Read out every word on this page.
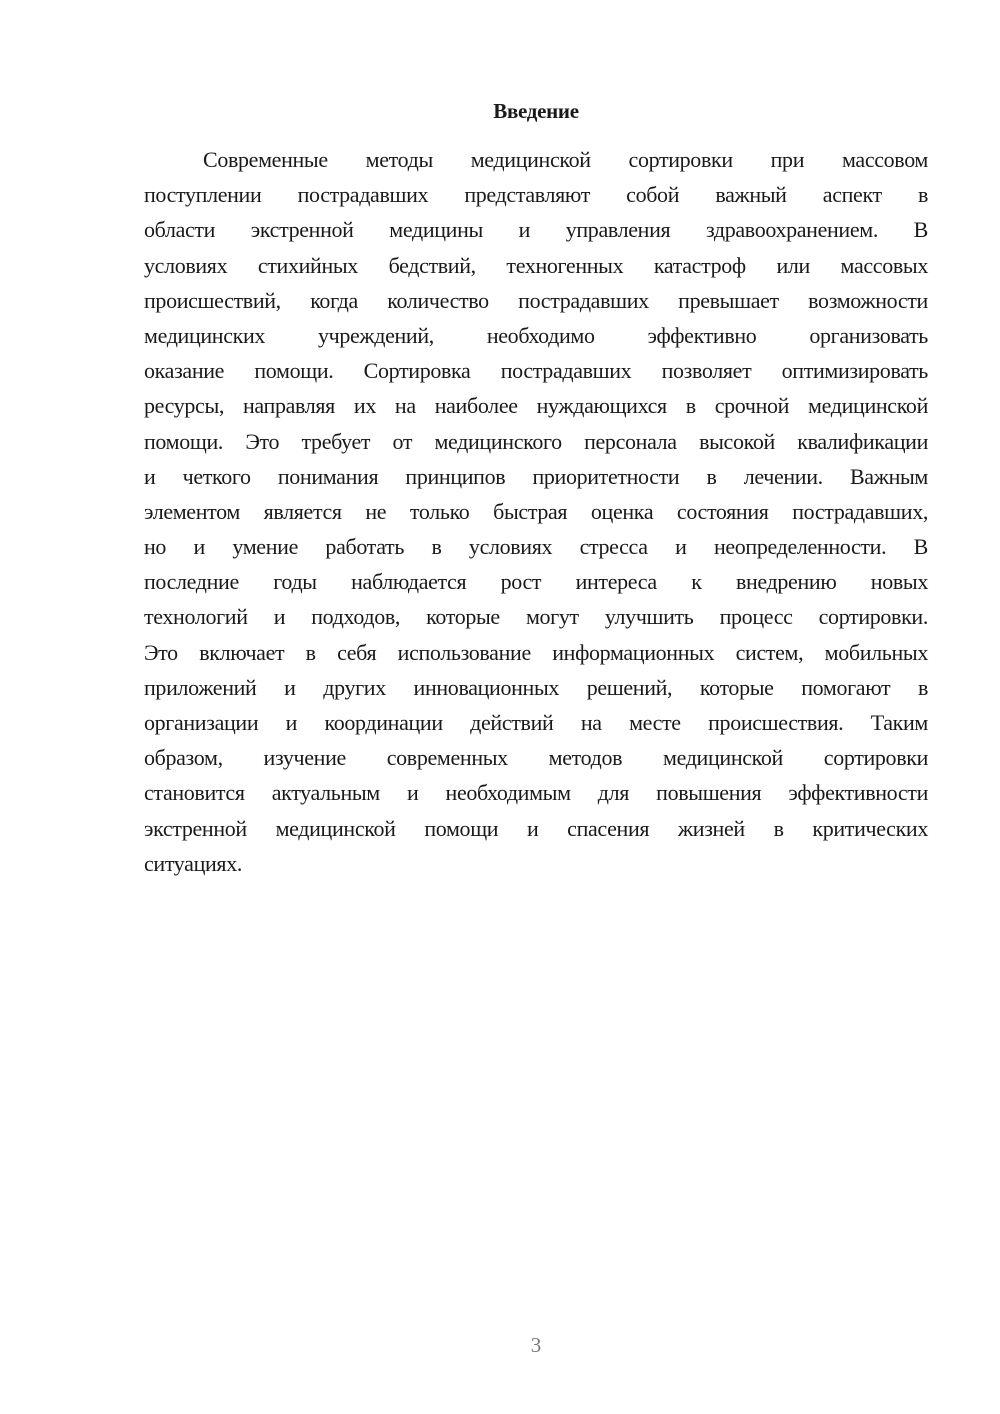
Введение
Современные методы медицинской сортировки при массовом
поступлении пострадавших представляют собой важный аспект в
области экстренной медицины и управления здравоохранением. В
условиях стихийных бедствий, техногенных катастроф или массовых
происшествий, когда количество пострадавших превышает возможности
медицинских учреждений, необходимо эффективно организовать
оказание помощи. Сортировка пострадавших позволяет оптимизировать
ресурсы, направляя их на наиболее нуждающихся в срочной медицинской
помощи. Это требует от медицинского персонала высокой квалификации
и четкого понимания принципов приоритетности в лечении. Важным
элементом является не только быстрая оценка состояния пострадавших,
но и умение работать в условиях стресса и неопределенности. В
последние годы наблюдается рост интереса к внедрению новых
технологий и подходов, которые могут улучшить процесс сортировки.
Это включает в себя использование информационных систем, мобильных
приложений и других инновационных решений, которые помогают в
организации и координации действий на месте происшествия. Таким
образом, изучение современных методов медицинской сортировки
становится актуальным и необходимым для повышения эффективности
экстренной медицинской помощи и спасения жизней в критических
ситуациях.
3
